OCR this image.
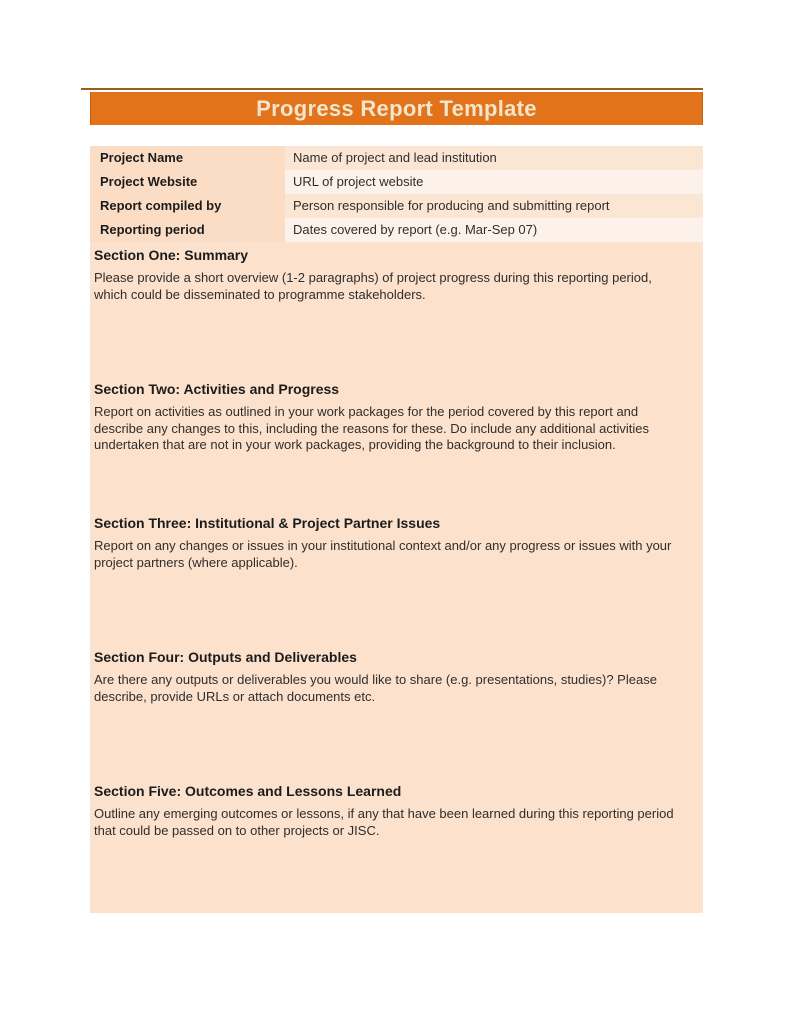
Progress Report Template
Project Name	Name of project and lead institution
Project Website	URL of project website
Report compiled by	Person responsible for producing and submitting report
Reporting period	Dates covered by report (e.g. Mar-Sep 07)
Section One: Summary

Please provide a short overview (1-2 paragraphs) of project progress during this reporting period, which could be disseminated to programme stakeholders.

Section Two: Activities and Progress

Report on activities as outlined in your work packages for the period covered by this report and describe any changes to this, including the reasons for these. Do include any additional activities undertaken that are not in your work packages, providing the background to their inclusion.

Section Three: Institutional & Project Partner Issues

Report on any changes or issues in your institutional context and/or any progress or issues with your project partners (where applicable).

Section Four: Outputs and Deliverables

Are there any outputs or deliverables you would like to share (e.g. presentations, studies)? Please describe, provide URLs or attach documents etc.

Section Five: Outcomes and Lessons Learned

Outline any emerging outcomes or lessons, if any that have been learned during this reporting period that could be passed on to other projects or JISC.
